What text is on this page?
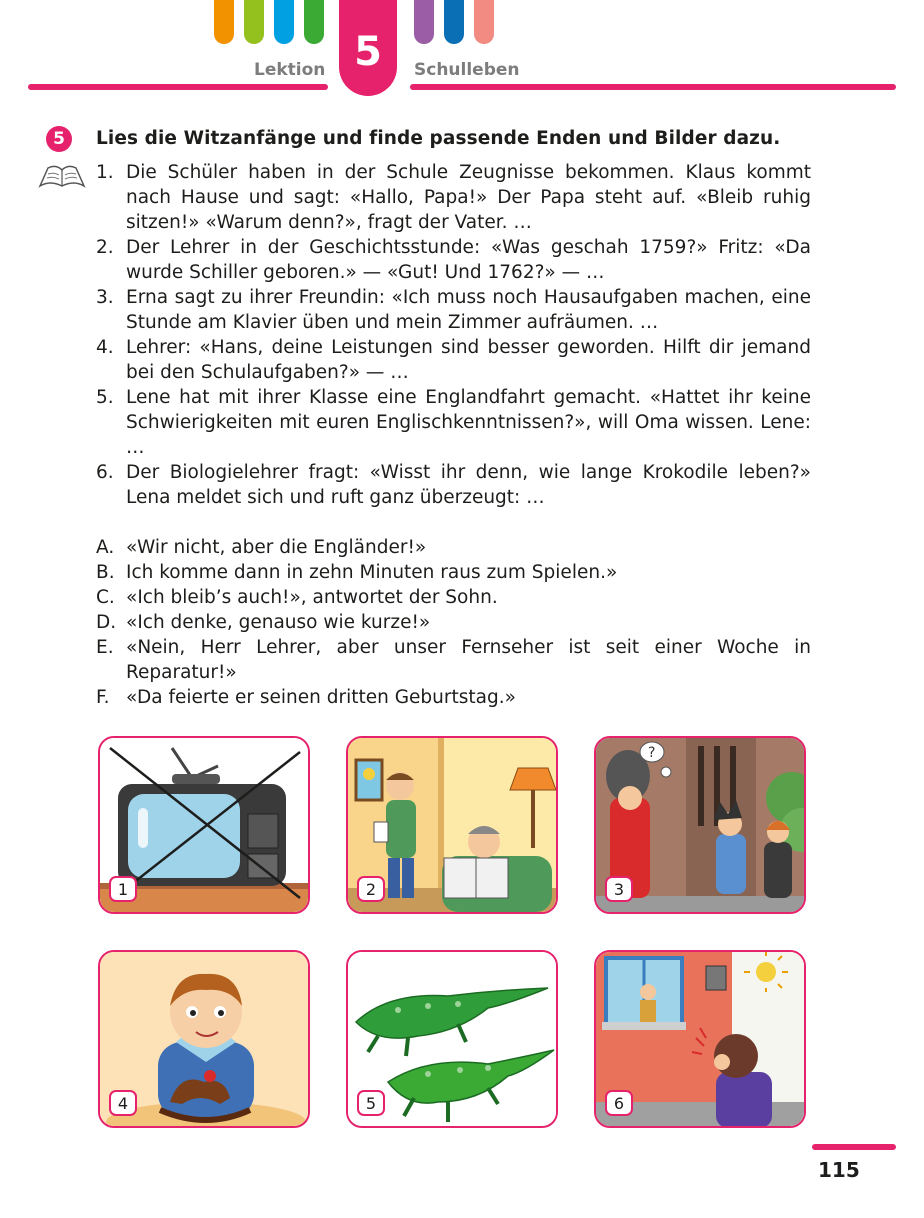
Lektion 5 Schulleben
5 Lies die Witzanfänge und finde passende Enden und Bilder dazu.
1. Die Schüler haben in der Schule Zeugnisse bekommen. Klaus kommt nach Hause und sagt: «Hallo, Papa!» Der Papa steht auf. «Bleib ruhig sitzen!» «Warum denn?», fragt der Vater. …
2. Der Lehrer in der Geschichtsstunde: «Was geschah 1759?» Fritz: «Da wurde Schiller geboren.» — «Gut! Und 1762?» — …
3. Erna sagt zu ihrer Freundin: «Ich muss noch Hausaufgaben machen, eine Stunde am Klavier üben und mein Zimmer aufräumen. …
4. Lehrer: «Hans, deine Leistungen sind besser geworden. Hilft dir jemand bei den Schulaufgaben?» — …
5. Lene hat mit ihrer Klasse eine Englandfahrt gemacht. «Hattet ihr keine Schwierigkeiten mit euren Englischkenntnissen?», will Oma wissen. Lene: …
6. Der Biologielehrer fragt: «Wisst ihr denn, wie lange Krokodile leben?» Lena meldet sich und ruft ganz überzeugt: …
A. «Wir nicht, aber die Engländer!»
B. Ich komme dann in zehn Minuten raus zum Spielen.»
C. «Ich bleib’s auch!», antwortet der Sohn.
D. «Ich denke, genauso wie kurze!»
E. «Nein, Herr Lehrer, aber unser Fernseher ist seit einer Woche in Reparatur!»
F. «Da feierte er seinen dritten Geburtstag.»
1	2
?
3
4	5	6
115
